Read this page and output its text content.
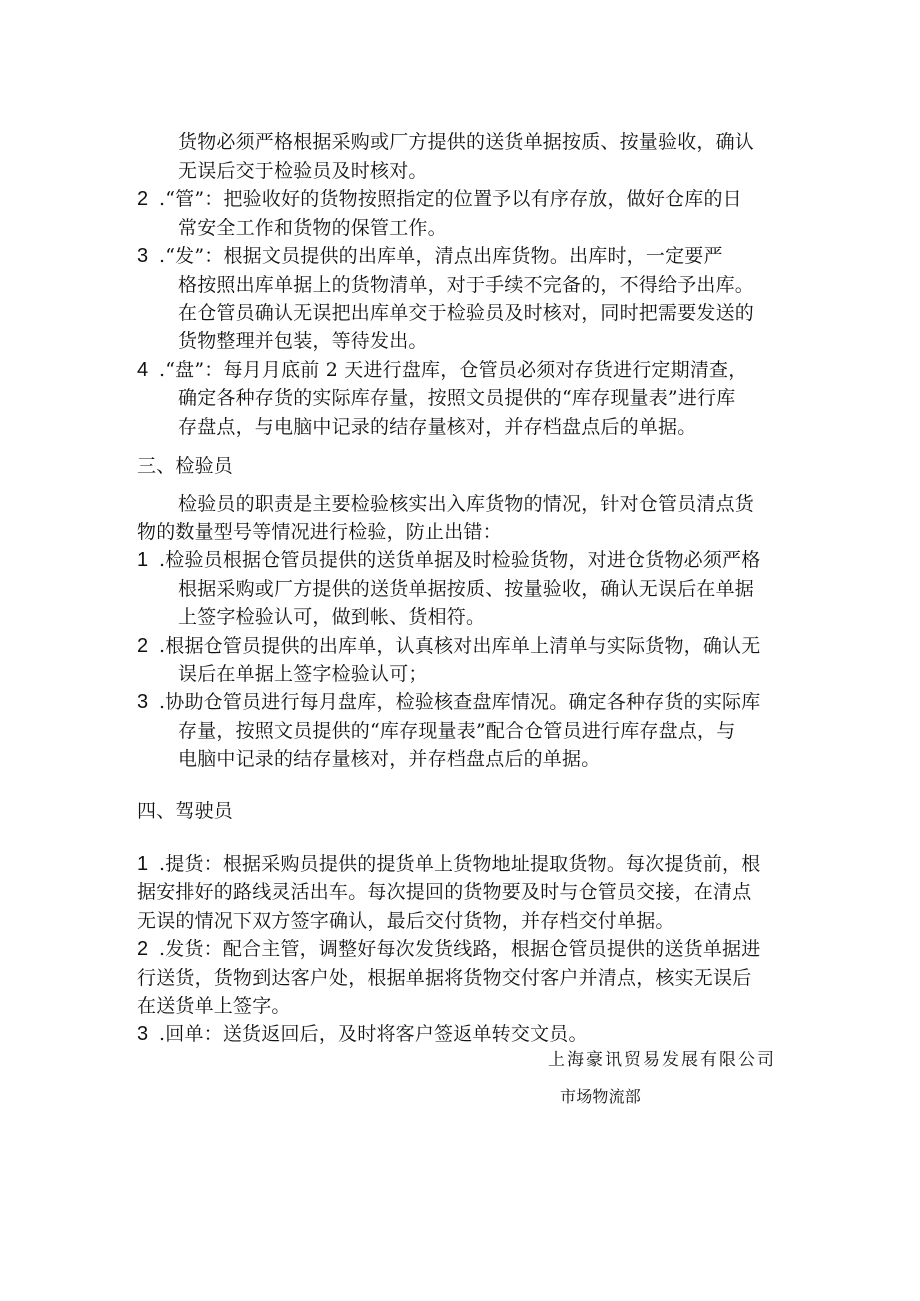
货物必须严格根据采购或厂方提供的送货单据按质、按量验收，确认
无误后交于检验员及时核对。
2 .“管”：把验收好的货物按照指定的位置予以有序存放，做好仓库的日
常安全工作和货物的保管工作。
3 .“发”：根据文员提供的出库单，清点出库货物。出库时，一定要严
格按照出库单据上的货物清单，对于手续不完备的，不得给予出库。
在仓管员确认无误把出库单交于检验员及时核对，同时把需要发送的
货物整理并包装，等待发出。
4 .“盘”：每月月底前 2 天进行盘库，仓管员必须对存货进行定期清查，
确定各种存货的实际库存量，按照文员提供的“库存现量表”进行库
存盘点，与电脑中记录的结存量核对，并存档盘点后的单据。
三、检验员
检验员的职责是主要检验核实出入库货物的情况，针对仓管员清点货
物的数量型号等情况进行检验，防止出错：
1 .检验员根据仓管员提供的送货单据及时检验货物，对进仓货物必须严格
根据采购或厂方提供的送货单据按质、按量验收，确认无误后在单据
上签字检验认可，做到帐、货相符。
2 .根据仓管员提供的出库单，认真核对出库单上清单与实际货物，确认无
误后在单据上签字检验认可；
3 .协助仓管员进行每月盘库，检验核查盘库情况。确定各种存货的实际库
存量，按照文员提供的“库存现量表”配合仓管员进行库存盘点，与
电脑中记录的结存量核对，并存档盘点后的单据。
四、驾驶员
1 .提货：根据采购员提供的提货单上货物地址提取货物。每次提货前，根
据安排好的路线灵活出车。每次提回的货物要及时与仓管员交接，在清点
无误的情况下双方签字确认，最后交付货物，并存档交付单据。
2 .发货：配合主管，调整好每次发货线路，根据仓管员提供的送货单据进
行送货，货物到达客户处，根据单据将货物交付客户并清点，核实无误后
在送货单上签字。
3 .回单：送货返回后，及时将客户签返单转交文员。
上海豪讯贸易发展有限公司
市场物流部
